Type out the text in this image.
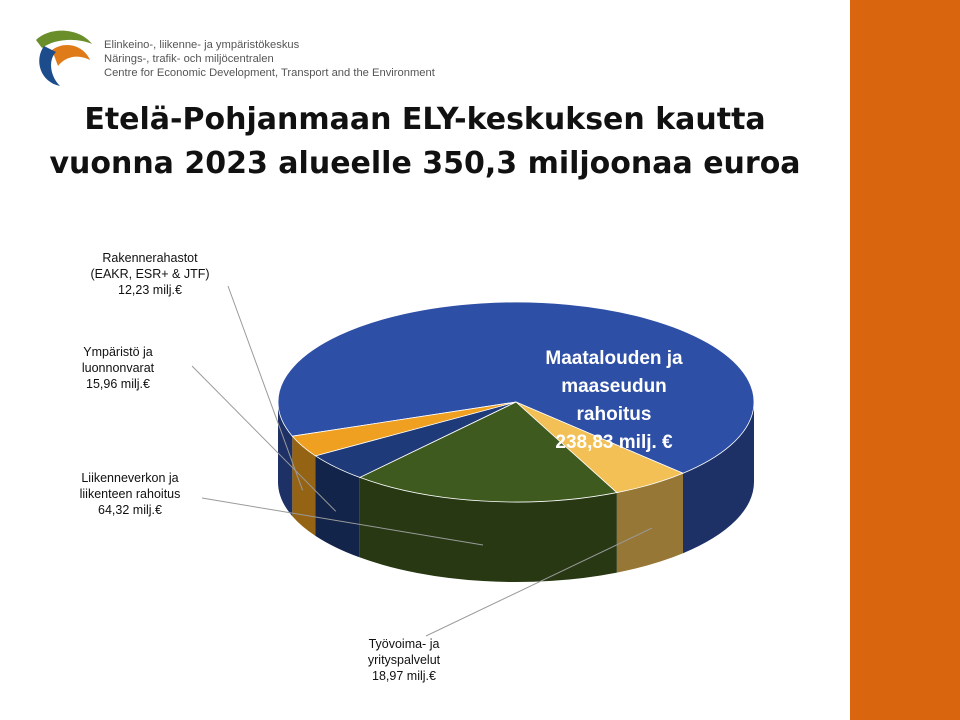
Elinkeino-, liikenne- ja ympäristökeskus
Närings-, trafik- och miljöcentralen
Centre for Economic Development, Transport and the Environment
Etelä-Pohjanmaan ELY-keskuksen kautta
vuonna 2023 alueelle 350,3 miljoonaa euroa
Maatalouden ja
maaseudun
rahoitus
238,83 milj. €
Työvoima- ja
yrityspalvelut
18,97 milj.€
Liikenneverkon ja
liikenteen rahoitus
64,32 milj.€
Ympäristö ja
luonnonvarat
15,96 milj.€
Rakennerahastot
(EAKR, ESR+ & JTF)
12,23 milj.€
